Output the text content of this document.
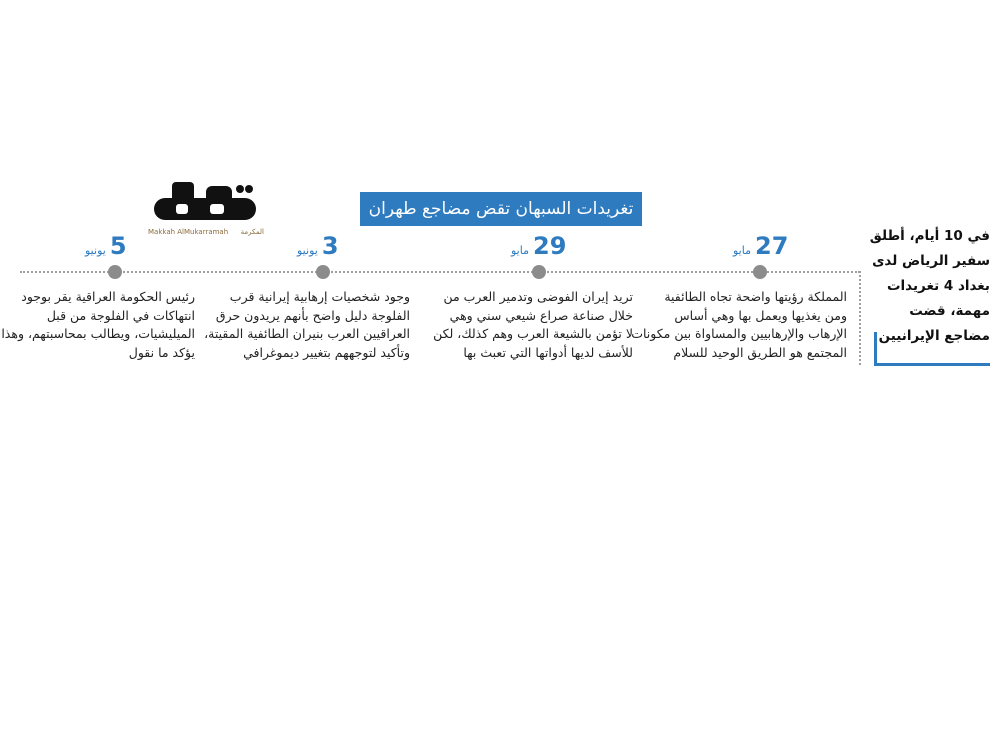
تغريدات السبهان تقض مضاجع طهران
Makkah AlMukarramah المكرمة
مايو 27
مايو 29
يونيو 3
يونيو 5
المملكة رؤيتها واضحة تجاه الطائفية
ومن يغذيها ويعمل بها وهي أساس
الإرهاب والإرهابيين والمساواة بين مكونات
المجتمع هو الطريق الوحيد للسلام
تريد إيران الفوضى وتدمير العرب من
خلال صناعة صراع شيعي سني وهي
لا تؤمن بالشيعة العرب وهم كذلك، لكن
للأسف لديها أدواتها التي تعبث بها
وجود شخصيات إرهابية إيرانية قرب
الفلوجة دليل واضح بأنهم يريدون حرق
العراقيين العرب بنيران الطائفية المقيتة،
وتأكيد لتوجههم بتغيير ديموغرافي
رئيس الحكومة العراقية يقر بوجود
انتهاكات في الفلوجة من قبل
الميليشيات، ويطالب بمحاسبتهم، وهذا
يؤكد ما نقول
في 10 أيام، أطلق
سفير الرياض لدى
بغداد 4 تغريدات
مهمة، قضت
مضاجع الإيرانيين
